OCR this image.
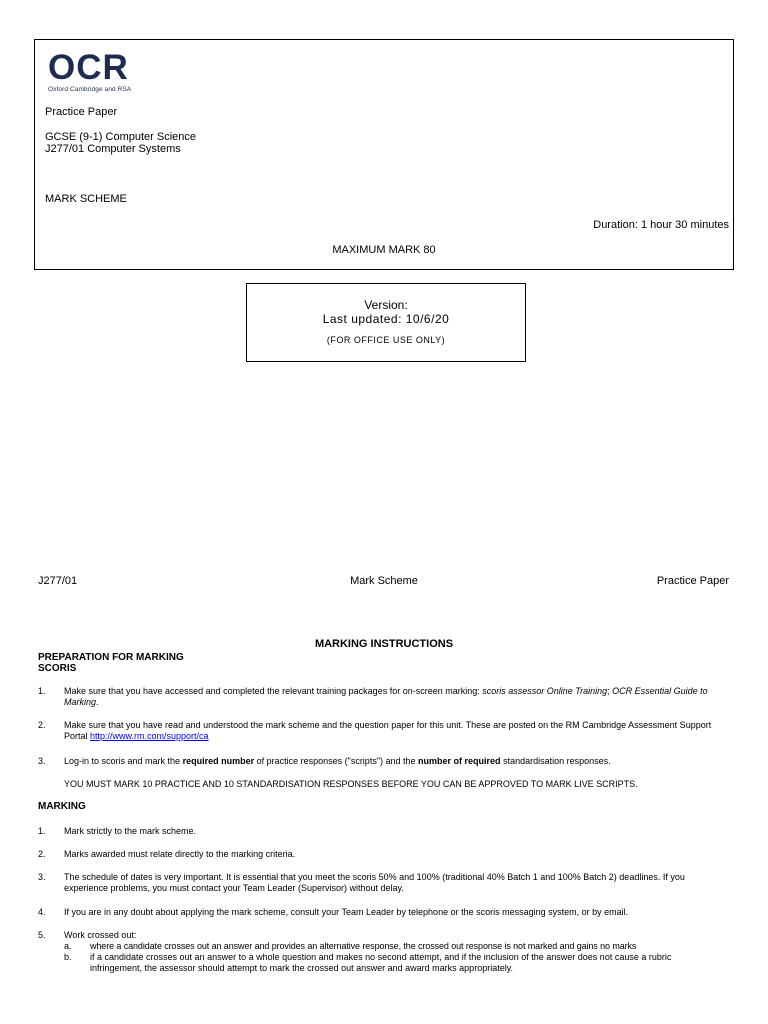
OCR
Oxford Cambridge and RSA
Practice Paper
GCSE (9-1) Computer Science
J277/01 Computer Systems
MARK SCHEME
Duration: 1 hour 30 minutes
MAXIMUM MARK 80
Version:
Last updated: 10/6/20
(FOR OFFICE USE ONLY)
J277/01	Mark Scheme	Practice Paper
MARKING INSTRUCTIONS
PREPARATION FOR MARKING
SCORIS
1. Make sure that you have accessed and completed the relevant training packages for on-screen marking: scoris assessor Online Training; OCR Essential Guide to Marking.
2. Make sure that you have read and understood the mark scheme and the question paper for this unit. These are posted on the RM Cambridge Assessment Support Portal http://www.rm.com/support/ca
3. Log-in to scoris and mark the required number of practice responses ("scripts") and the number of required standardisation responses.
YOU MUST MARK 10 PRACTICE AND 10 STANDARDISATION RESPONSES BEFORE YOU CAN BE APPROVED TO MARK LIVE SCRIPTS.
MARKING
1. Mark strictly to the mark scheme.
2. Marks awarded must relate directly to the marking criteria.
3. The schedule of dates is very important. It is essential that you meet the scoris 50% and 100% (traditional 40% Batch 1 and 100% Batch 2) deadlines. If you experience problems, you must contact your Team Leader (Supervisor) without delay.
4. If you are in any doubt about applying the mark scheme, consult your Team Leader by telephone or the scoris messaging system, or by email.
5. Work crossed out:
a. where a candidate crosses out an answer and provides an alternative response, the crossed out response is not marked and gains no marks
b. if a candidate crosses out an answer to a whole question and makes no second attempt, and if the inclusion of the answer does not cause a rubric infringement, the assessor should attempt to mark the crossed out answer and award marks appropriately.
